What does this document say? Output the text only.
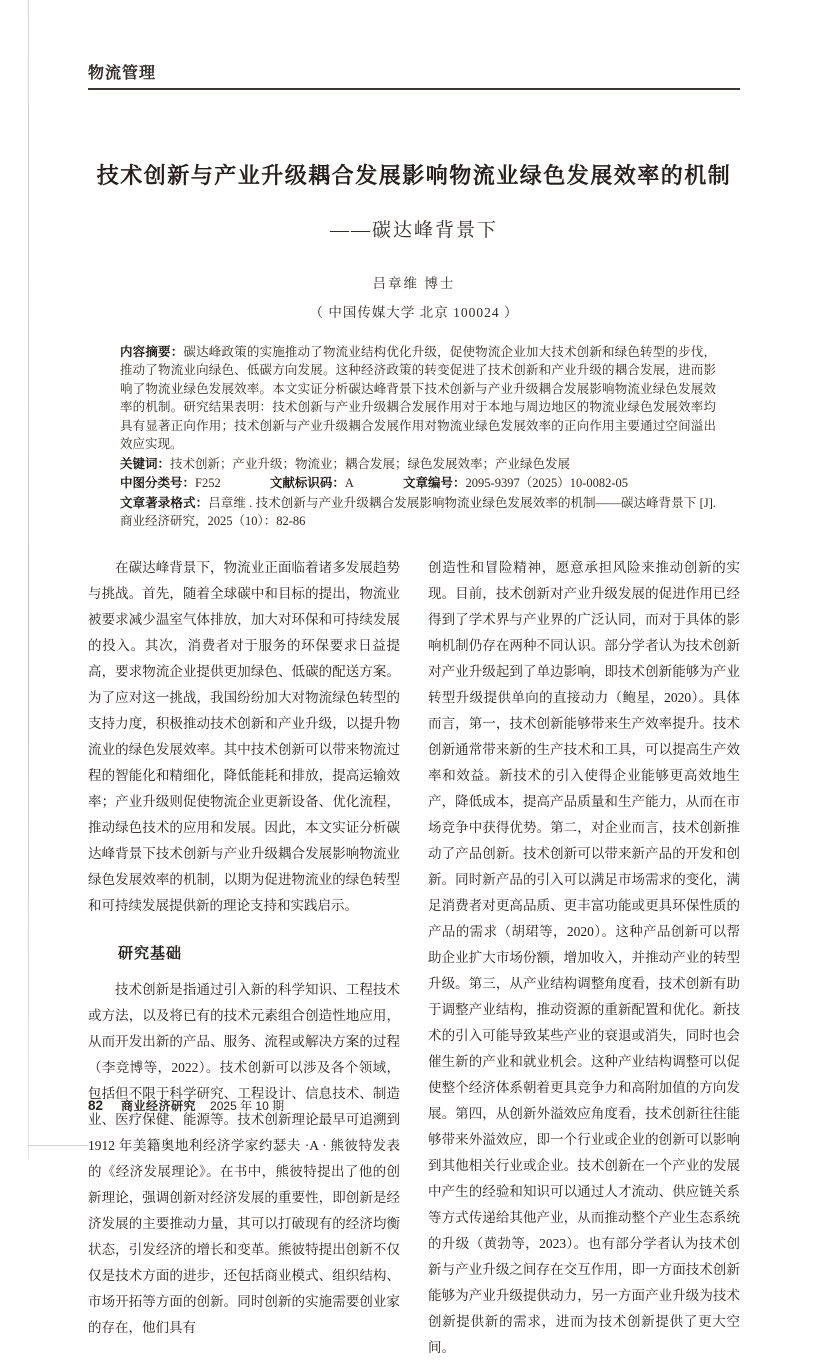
物流管理
技术创新与产业升级耦合发展影响物流业绿色发展效率的机制
——碳达峰背景下
吕章维 博士
（ 中国传媒大学 北京 100024 ）
内容摘要：碳达峰政策的实施推动了物流业结构优化升级，促使物流企业加大技术创新和绿色转型的步伐，推动了物流业向绿色、低碳方向发展。这种经济政策的转变促进了技术创新和产业升级的耦合发展，进而影响了物流业绿色发展效率。本文实证分析碳达峰背景下技术创新与产业升级耦合发展影响物流业绿色发展效率的机制。研究结果表明：技术创新与产业升级耦合发展作用对于本地与周边地区的物流业绿色发展效率均具有显著正向作用；技术创新与产业升级耦合发展作用对物流业绿色发展效率的正向作用主要通过空间溢出效应实现。
关键词：技术创新；产业升级；物流业；耦合发展；绿色发展效率；产业绿色发展
中图分类号：F252	文献标识码：A	文章编号：2095-9397（2025）10-0082-05
文章著录格式：吕章维 . 技术创新与产业升级耦合发展影响物流业绿色发展效率的机制——碳达峰背景下 [J]. 商业经济研究，2025（10）：82-86

在碳达峰背景下，物流业正面临着诸多发展趋势与挑战。首先，随着全球碳中和目标的提出，物流业被要求减少温室气体排放，加大对环保和可持续发展的投入。其次，消费者对于服务的环保要求日益提高，要求物流企业提供更加绿色、低碳的配送方案。为了应对这一挑战，我国纷纷加大对物流绿色转型的支持力度，积极推动技术创新和产业升级，以提升物流业的绿色发展效率。其中技术创新可以带来物流过程的智能化和精细化，降低能耗和排放，提高运输效率；产业升级则促使物流企业更新设备、优化流程，推动绿色技术的应用和发展。因此，本文实证分析碳达峰背景下技术创新与产业升级耦合发展影响物流业绿色发展效率的机制，以期为促进物流业的绿色转型和可持续发展提供新的理论支持和实践启示。

研究基础

技术创新是指通过引入新的科学知识、工程技术或方法，以及将已有的技术元素组合创造性地应用，从而开发出新的产品、服务、流程或解决方案的过程（李竞博等，2022）。技术创新可以涉及各个领域，包括但不限于科学研究、工程设计、信息技术、制造业、医疗保健、能源等。技术创新理论最早可追溯到 1912 年美籍奥地利经济学家约瑟夫 ·A · 熊彼特发表的《经济发展理论》。在书中，熊彼特提出了他的创新理论，强调创新对经济发展的重要性，即创新是经济发展的主要推动力量，其可以打破现有的经济均衡状态，引发经济的增长和变革。熊彼特提出创新不仅仅是技术方面的进步，还包括商业模式、组织结构、市场开拓等方面的创新。同时创新的实施需要创业家的存在，他们具有

创造性和冒险精神，愿意承担风险来推动创新的实现。目前，技术创新对产业升级发展的促进作用已经得到了学术界与产业界的广泛认同，而对于具体的影响机制仍存在两种不同认识。部分学者认为技术创新对产业升级起到了单边影响，即技术创新能够为产业转型升级提供单向的直接动力（鲍星，2020）。具体而言，第一，技术创新能够带来生产效率提升。技术创新通常带来新的生产技术和工具，可以提高生产效率和效益。新技术的引入使得企业能够更高效地生产，降低成本，提高产品质量和生产能力，从而在市场竞争中获得优势。第二，对企业而言，技术创新推动了产品创新。技术创新可以带来新产品的开发和创新。同时新产品的引入可以满足市场需求的变化，满足消费者对更高品质、更丰富功能或更具环保性质的产品的需求（胡珺等，2020）。这种产品创新可以帮助企业扩大市场份额，增加收入，并推动产业的转型升级。第三，从产业结构调整角度看，技术创新有助于调整产业结构，推动资源的重新配置和优化。新技术的引入可能导致某些产业的衰退或消失，同时也会催生新的产业和就业机会。这种产业结构调整可以促使整个经济体系朝着更具竞争力和高附加值的方向发展。第四，从创新外溢效应角度看，技术创新往往能够带来外溢效应，即一个行业或企业的创新可以影响到其他相关行业或企业。技术创新在一个产业的发展中产生的经验和知识可以通过人才流动、供应链关系等方式传递给其他产业，从而推动整个产业生态系统的升级（黄勃等，2023）。也有部分学者认为技术创新与产业升级之间存在交互作用，即一方面技术创新能够为产业升级提供动力，另一方面产业升级为技术创新提供新的需求，进而为技术创新提供了更大空间。

82 商业经济研究 2025 年 10 期
